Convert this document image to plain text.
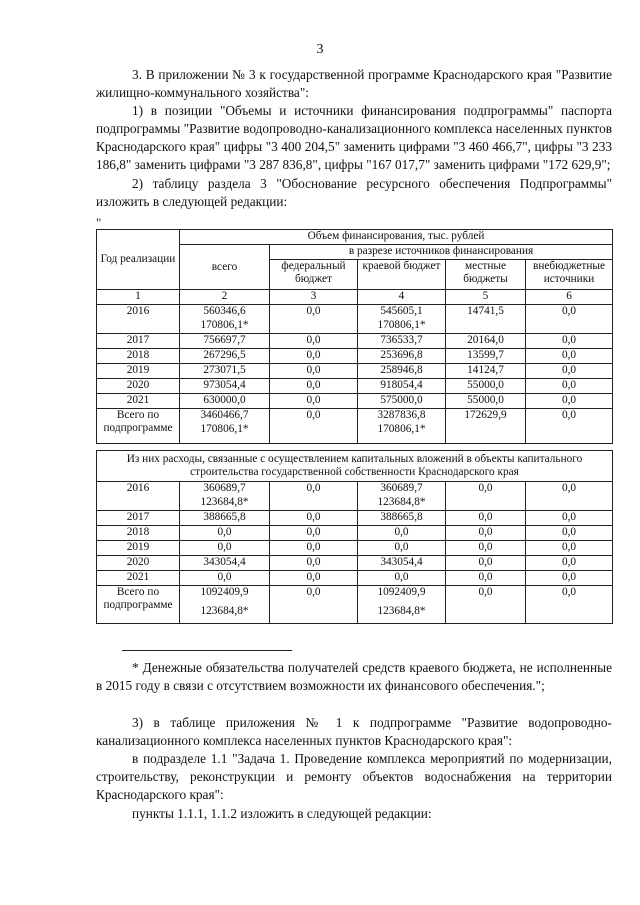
3
3. В приложении № 3 к государственной программе Краснодарского края "Развитие жилищно-коммунального хозяйства":
1) в позиции "Объемы и источники финансирования подпрограммы" паспорта подпрограммы "Развитие водопроводно-канализационного комплекса населенных пунктов Краснодарского края" цифры "3 400 204,5" заменить цифрами "3 460 466,7", цифры "3 233 186,8" заменить цифрами "3 287 836,8", цифры "167 017,7" заменить цифрами "172 629,9";
2) таблицу раздела 3 "Обоснование ресурсного обеспечения Подпрограммы" изложить в следующей редакции:
"
Год реализации	Объем финансирования, тыс. рублей				
	всего	в разрезе источников финансирования			
		федеральный бюджет	краевой бюджет	местные бюджеты	внебюджетные источники
1	2	3	4	5	6
2016	560346,6	0,0	545605,1	14741,5	0,0
	170806,1*		170806,1*		
2017	756697,7	0,0	736533,7	20164,0	0,0
2018	267296,5	0,0	253696,8	13599,7	0,0
2019	273071,5	0,0	258946,8	14124,7	0,0
2020	973054,4	0,0	918054,4	55000,0	0,0
2021	630000,0	0,0	575000,0	55000,0	0,0
Всего по подпрограмме	3460466,7	0,0	3287836,8	172629,9	0,0
	170806,1*		170806,1*		

Из них расходы, связанные с осуществлением капитальных вложений в объекты капитального строительства государственной собственности Краснодарского края					
2016	360689,7	0,0	360689,7	0,0	0,0
	123684,8*		123684,8*		
2017	388665,8	0,0	388665,8	0,0	0,0
2018	0,0	0,0	0,0	0,0	0,0
2019	0,0	0,0	0,0	0,0	0,0
2020	343054,4	0,0	343054,4	0,0	0,0
2021	0,0	0,0	0,0	0,0	0,0
Всего по подпрограмме	1092409,9	0,0	1092409,9	0,0	0,0
	123684,8*		123684,8*		
* Денежные обязательства получателей средств краевого бюджета, не исполненные в 2015 году в связи с отсутствием возможности их финансового обеспечения.";
3) в таблице приложения № 1 к подпрограмме "Развитие водопроводно-канализационного комплекса населенных пунктов Краснодарского края":
в подразделе 1.1 "Задача 1. Проведение комплекса мероприятий по модернизации, строительству, реконструкции и ремонту объектов водоснабжения на территории Краснодарского края":
пункты 1.1.1, 1.1.2 изложить в следующей редакции:
